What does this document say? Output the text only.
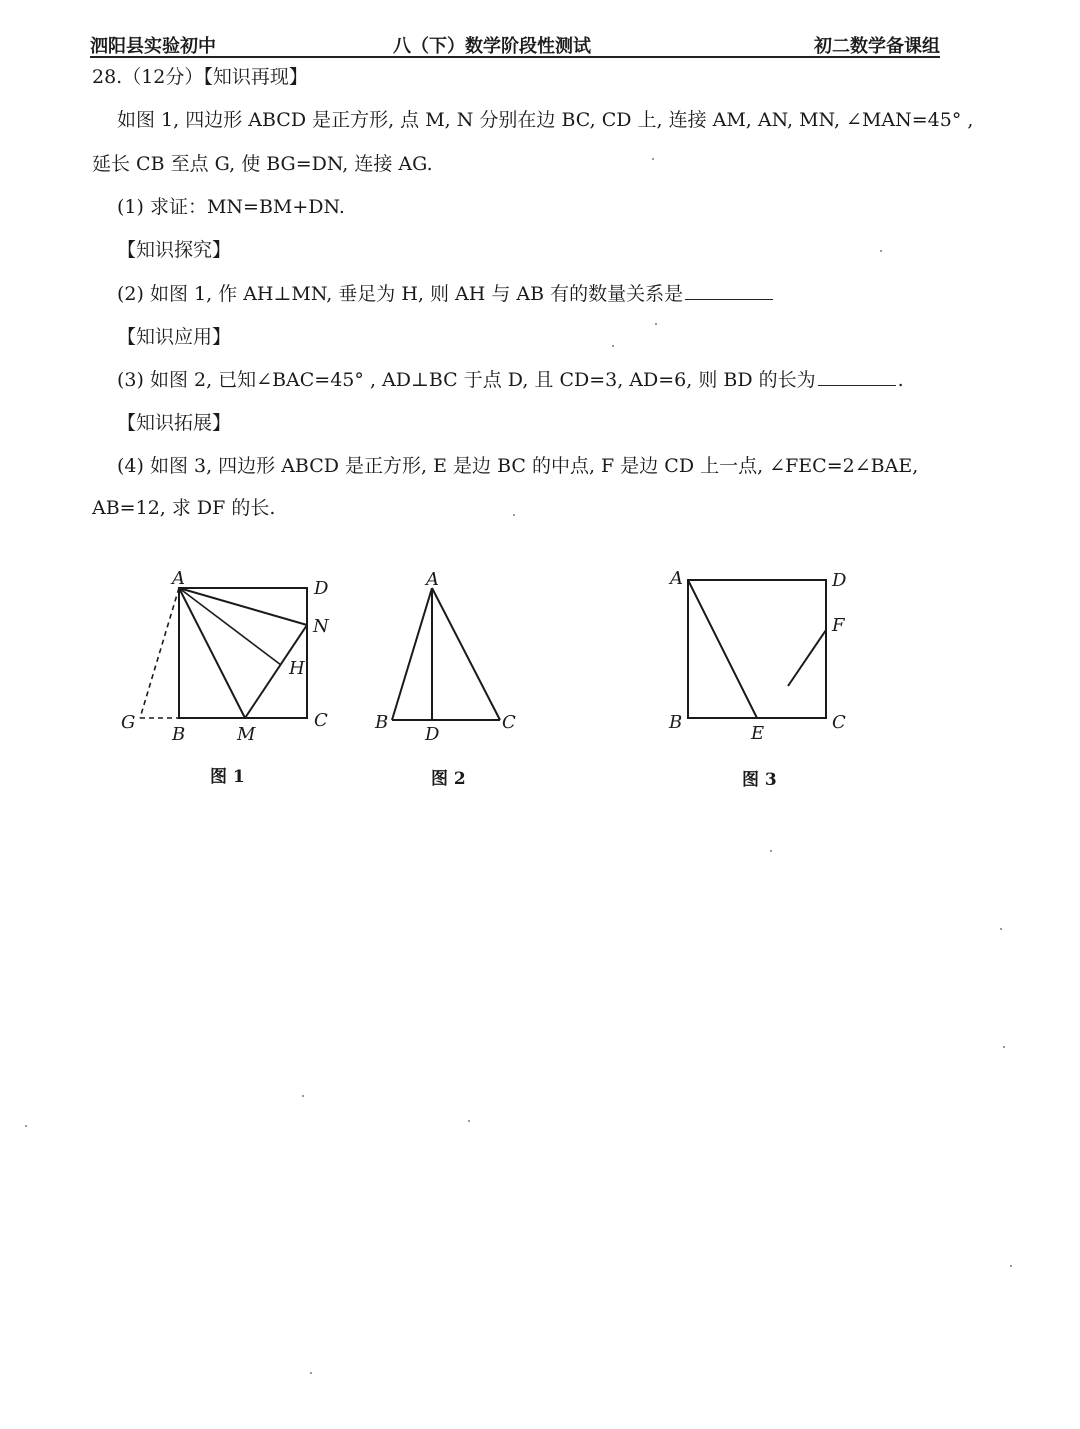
泗阳县实验初中	八（下）数学阶段性测试	初二数学备课组
28.（12分）【知识再现】
如图 1, 四边形 ABCD 是正方形, 点 M, N 分别在边 BC, CD 上, 连接 AM, AN, MN, ∠MAN=45° ,
延长 CB 至点 G, 使 BG=DN, 连接 AG.
(1) 求证：MN=BM+DN.
【知识探究】
(2) 如图 1, 作 AH⊥MN, 垂足为 H, 则 AH 与 AB 有的数量关系是
【知识应用】
(3) 如图 2, 已知∠BAC=45° , AD⊥BC 于点 D, 且 CD=3, AD=6, 则 BD 的长为	.
【知识拓展】
(4) 如图 3, 四边形 ABCD 是正方形, E 是边 BC 的中点, F 是边 CD 上一点, ∠FEC=2∠BAE,
AB=12, 求 DF 的长.
A	D
N
H
C
M
B
G
图 1
A
B
D
C
图 2
A	D
F
C
E
B
图 3
